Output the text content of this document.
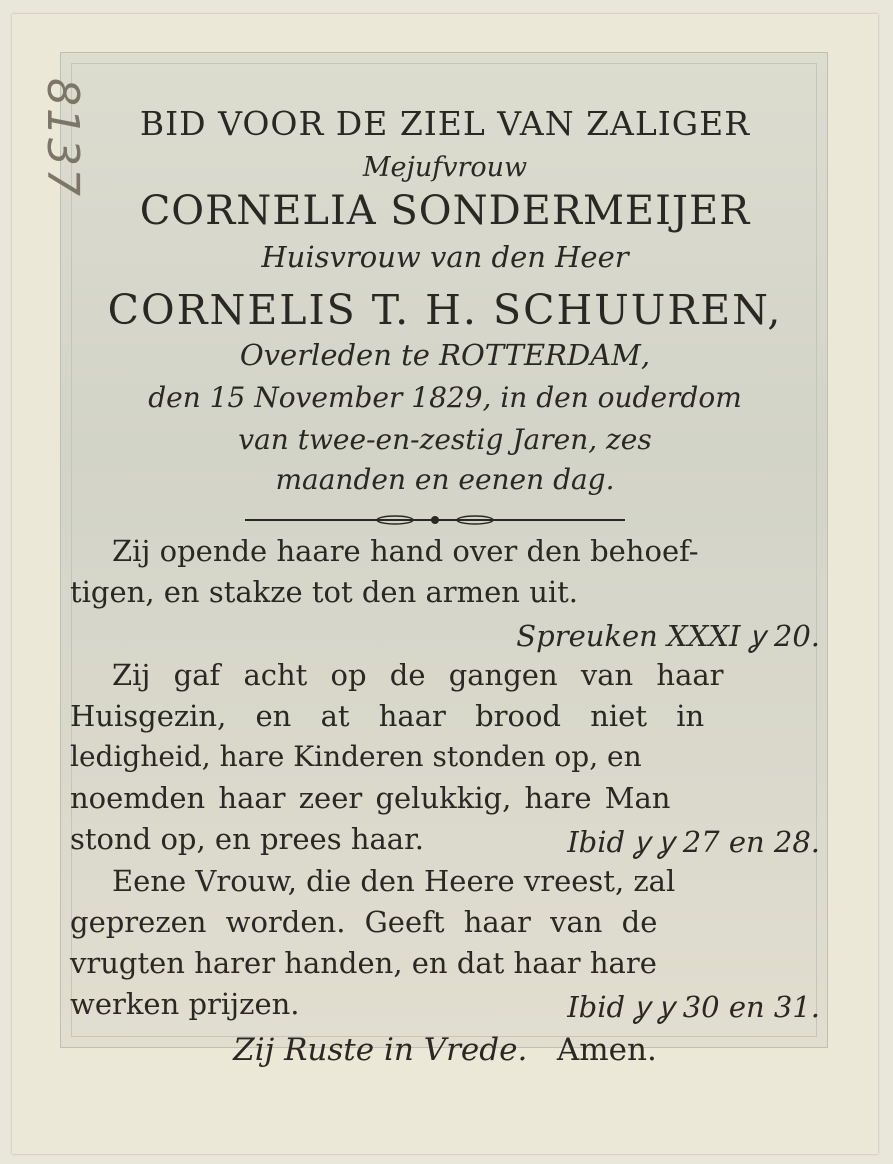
8137	BID VOOR DE ZIEL VAN ZALIGER
Mejufvrouw
CORNELIA SONDERMEIJER
Huisvrouw van den Heer
CORNELIS T. H. SCHUUREN,
Overleden te ROTTERDAM,
den 15 November 1829, in den ouderdom
van twee-en-zestig Jaren, zes
maanden en eenen dag.
Zij opende haare hand over den behoef-
tigen, en stakze tot den armen uit.
Spreuken XXXI ỿ 20.
Zij gaf acht op de gangen van haar
Huisgezin, en at haar brood niet in
ledigheid, hare Kinderen stonden op, en
noemden haar zeer gelukkig, hare Man
stond op, en prees haar.	Ibid ỿ ỿ 27 en 28.
Eene Vrouw, die den Heere vreest, zal
geprezen worden. Geeft haar van de
vrugten harer handen, en dat haar hare
werken prijzen.	Ibid ỿ ỿ 30 en 31.
Zij Ruste in Vrede. Amen.
